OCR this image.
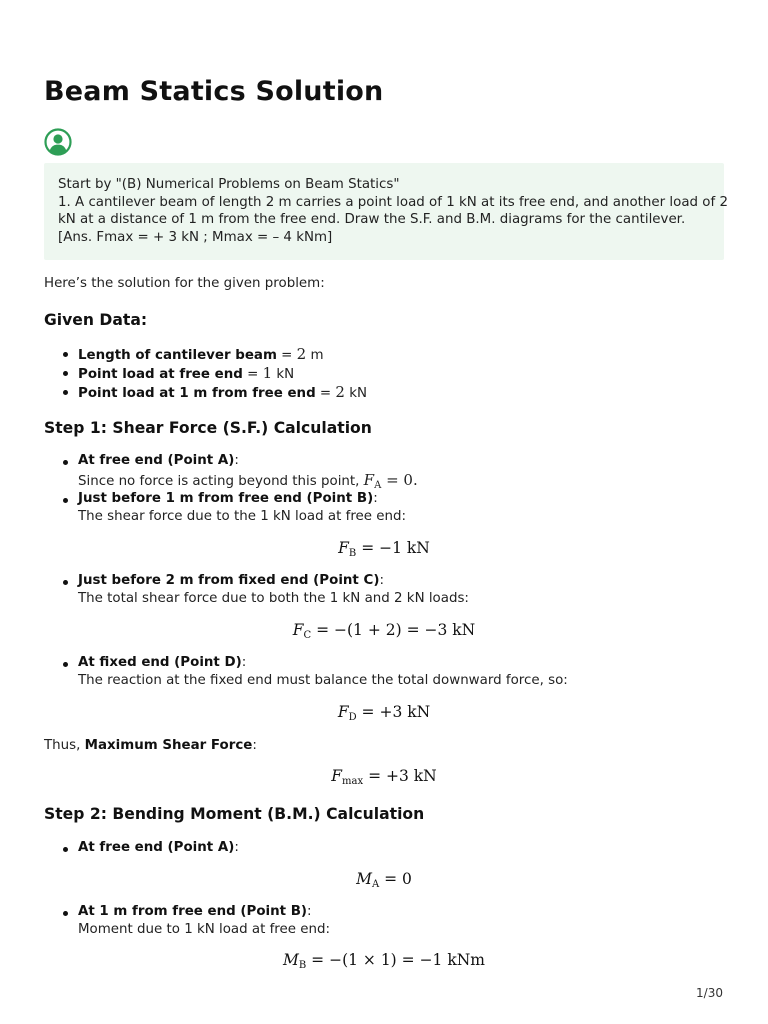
Beam Statics Solution
Start by "(B) Numerical Problems on Beam Statics"
1. A cantilever beam of length 2 m carries a point load of 1 kN at its free end, and another load of 2
kN at a distance of 1 m from the free end. Draw the S.F. and B.M. diagrams for the cantilever.
[Ans. Fmax = + 3 kN ; Mmax = – 4 kNm]
Here’s the solution for the given problem:
Given Data:
Length of cantilever beam = 2 m
Point load at free end = 1 kN
Point load at 1 m from free end = 2 kN
Step 1: Shear Force (S.F.) Calculation
At free end (Point A):
Since no force is acting beyond this point, $F_A = 0$.
Just before 1 m from free end (Point B):
The shear force due to the 1 kN load at free end:
$F_B = -1$ kN
Just before 2 m from fixed end (Point C):
The total shear force due to both the 1 kN and 2 kN loads:
$F_C = -(1 + 2) = -3$ kN
At fixed end (Point D):
The reaction at the fixed end must balance the total downward force, so:
$F_D = +3$ kN
Thus, Maximum Shear Force:
$F_{max} = +3$ kN
Step 2: Bending Moment (B.M.) Calculation
At free end (Point A):
$M_A = 0$
At 1 m from free end (Point B):
Moment due to 1 kN load at free end:
$M_B = -(1 \times 1) = -1$ kNm
1/30
